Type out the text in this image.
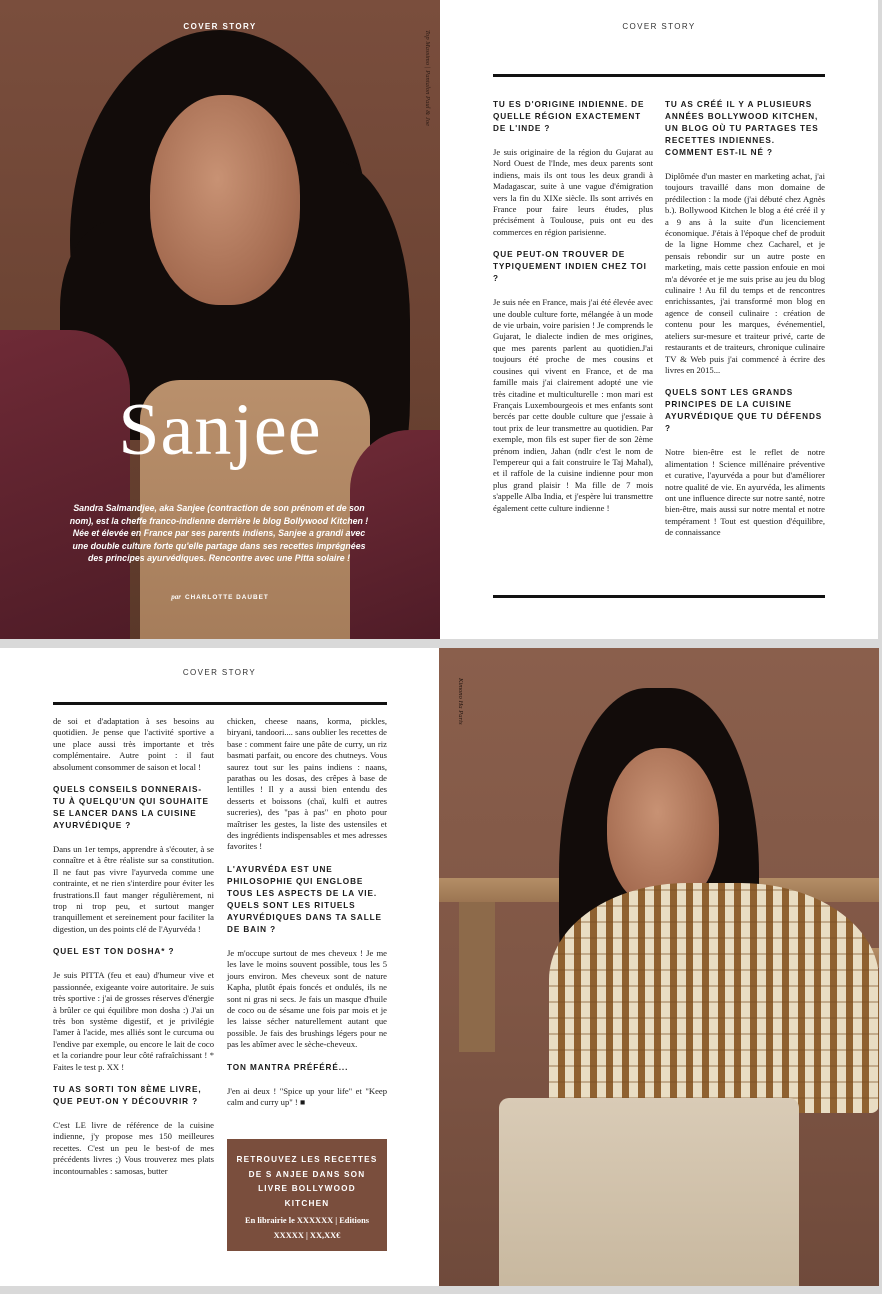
COVER STORY
Top Massimo | Pantalon Paul & Joe
Sanjee
Sandra Salmandjee, aka Sanjee (contraction de son prénom et de son nom), est la cheffe franco-indienne derrière le blog Bollywood Kitchen ! Née et élevée en France par ses parents indiens, Sanjee a grandi avec une double culture forte qu'elle partage dans ses recettes imprégnées des principes ayurvédiques. Rencontre avec une Pitta solaire !
par CHARLOTTE DAUBET
COVER STORY
TU ES D'ORIGINE INDIENNE. DE QUELLE RÉGION EXACTEMENT DE L'INDE ?

Je suis originaire de la région du Gujarat au Nord Ouest de l'Inde, mes deux parents sont indiens, mais ils ont tous les deux grandi à Madagascar, suite à une vague d'émigration vers la fin du XIXe siècle. Ils sont arrivés en France pour faire leurs études, plus précisément à Toulouse, puis ont eu des commerces en région parisienne.

QUE PEUT-ON TROUVER DE TYPIQUEMENT INDIEN CHEZ TOI ?

Je suis née en France, mais j'ai été élevée avec une double culture forte, mélangée à un mode de vie urbain, voire parisien ! Je comprends le Gujarat, le dialecte indien de mes origines, que mes parents parlent au quotidien.J'ai toujours été proche de mes cousins et cousines qui vivent en France, et de ma famille mais j'ai clairement adopté une vie très citadine et multiculturelle : mon mari est Français Luxembourgeois et mes enfants sont bercés par cette double culture que j'essaie à tout prix de leur transmettre au quotidien. Par exemple, mon fils est super fier de son 2ème prénom indien, Jahan (ndlr c'est le nom de l'empereur qui a fait construire le Taj Mahal), et il raffole de la cuisine indienne pour mon plus grand plaisir ! Ma fille de 7 mois s'appelle Alba India, et j'espère lui transmettre également cette culture indienne !

TU AS CRÉÉ IL Y A PLUSIEURS ANNÉES BOLLYWOOD KITCHEN, UN BLOG OÙ TU PARTAGES TES RECETTES INDIENNES. COMMENT EST-IL NÉ ?

Diplômée d'un master en marketing achat, j'ai toujours travaillé dans mon domaine de prédilection : la mode (j'ai débuté chez Agnès b.). Bollywood Kitchen le blog a été créé il y a 9 ans à la suite d'un licenciement économique. J'étais à l'époque chef de produit de la ligne Homme chez Cacharel, et je pensais rebondir sur un autre poste en marketing, mais cette passion enfouie en moi m'a dévorée et je me suis prise au jeu du blog culinaire ! Au fil du temps et de rencontres enrichissantes, j'ai transformé mon blog en agence de conseil culinaire : création de contenu pour les marques, événementiel, ateliers sur-mesure et traiteur privé, carte de restaurants et de traiteurs, chronique culinaire TV & Web puis j'ai commencé à écrire des livres en 2015...

QUELS SONT LES GRANDS PRINCIPES DE LA CUISINE AYURVÉDIQUE QUE TU DÉFENDS ?

Notre bien-être est le reflet de notre alimentation ! Science millénaire préventive et curative, l'ayurvéda a pour but d'améliorer notre qualité de vie. En ayurvéda, les aliments ont une influence directe sur notre santé, notre bien-être, mais aussi sur notre mental et notre tempérament ! Tout est question d'équilibre, de connaissance

COVER STORY

de soi et d'adaptation à ses besoins au quotidien. Je pense que l'activité sportive a une place aussi très importante et très complémentaire. Autre point : il faut absolument consommer de saison et local !

QUELS CONSEILS DONNERAIS-TU À QUELQU'UN QUI SOUHAITE SE LANCER DANS LA CUISINE AYURVÉDIQUE ?

Dans un 1er temps, apprendre à s'écouter, à se connaître et à être réaliste sur sa constitution. Il ne faut pas vivre l'ayurveda comme une contrainte, et ne rien s'interdire pour éviter les frustrations.Il faut manger régulièrement, ni trop ni trop peu, et surtout manger tranquillement et sereinement pour faciliter la digestion, un des points clé de l'Ayurvéda !

QUEL EST TON DOSHA* ?

Je suis PITTA (feu et eau) d'humeur vive et passionnée, exigeante voire autoritaire. Je suis très sportive : j'ai de grosses réserves d'énergie à brûler ce qui équilibre mon dosha :) J'ai un très bon système digestif, et je privilégie l'amer à l'acide, mes alliés sont le curcuma ou l'endive par exemple, ou encore le lait de coco et la coriandre pour leur côté rafraîchissant ! * Faites le test p. XX !

TU AS SORTI TON 8ÈME LIVRE, QUE PEUT-ON Y DÉCOUVRIR ?

C'est LE livre de référence de la cuisine indienne, j'y propose mes 150 meilleures recettes. C'est un peu le best-of de mes précédents livres ;) Vous trouverez mes plats incontournables : samosas, butter

chicken, cheese naans, korma, pickles, biryani, tandoori.... sans oublier les recettes de base : comment faire une pâte de curry, un riz basmati parfait, ou encore des chutneys. Vous saurez tout sur les pains indiens : naans, parathas ou les dosas, des crêpes à base de lentilles ! Il y a aussi bien entendu des desserts et boissons (chaï, kulfi et autres sucreries), des "pas à pas" en photo pour maîtriser les gestes, la liste des ustensiles et des ingrédients indispensables et mes adresses favorites !

L'AYURVÉDA EST UNE PHILOSOPHIE QUI ENGLOBE TOUS LES ASPECTS DE LA VIE. QUELS SONT LES RITUELS AYURVÉDIQUES DANS TA SALLE DE BAIN ?

Je m'occupe surtout de mes cheveux ! Je me les lave le moins souvent possible, tous les 5 jours environ. Mes cheveux sont de nature Kapha, plutôt épais foncés et ondulés, ils ne sont ni gras ni secs. Je fais un masque d'huile de coco ou de sésame une fois par mois et je les laisse sécher naturellement autant que possible. Je fais des brushings légers pour ne pas les abîmer avec le sèche-cheveux.

TON MANTRA PRÉFÉRÉ...

J'en ai deux ! "Spice up your life" et "Keep calm and curry up" ! ■

RETROUVEZ LES RECETTES DE S ANJEE DANS SON LIVRE BOLLYWOOD KITCHEN
En librairie le XXXXXX | Editions XXXXX | XX,XX€
Kimono Ha Paris
